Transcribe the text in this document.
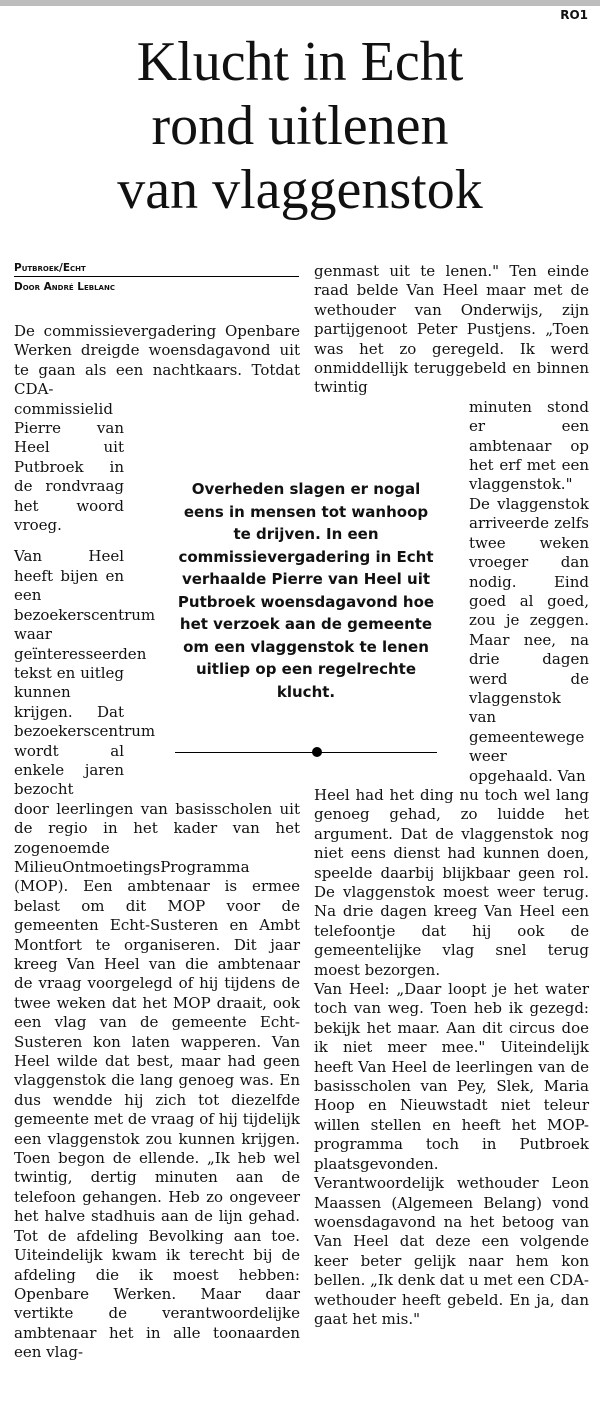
RO1
Klucht in Echt
rond uitlenen
van vlaggenstok
Putbroek/Echt
Door André Leblanc

De commissievergadering Openbare Werken dreigde woensdagavond uit te gaan als een nachtkaars. Totdat CDA-

commissielid Pierre van Heel uit Putbroek in de rondvraag het woord vroeg.

Van Heel heeft bijen en een bezoekerscentrum waar geïnteresseerden tekst en uitleg kunnen krijgen. Dat bezoekerscentrum wordt al enkele jaren bezocht

door leerlingen van basisscholen uit de regio in het kader van het zogenoemde MilieuOntmoetingsProgramma (MOP). Een ambtenaar is ermee belast om dit MOP voor de gemeenten Echt-Susteren en Ambt Montfort te organiseren. Dit jaar kreeg Van Heel van die ambtenaar de vraag voorgelegd of hij tijdens de twee weken dat het MOP draait, ook een vlag van de gemeente Echt-Susteren kon laten wapperen. Van Heel wilde dat best, maar had geen vlaggenstok die lang genoeg was. En dus wendde hij zich tot diezelfde gemeente met de vraag of hij tijdelijk een vlaggenstok zou kunnen krijgen. Toen begon de ellende. „Ik heb wel twintig, dertig minuten aan de telefoon gehangen. Heb zo ongeveer het halve stadhuis aan de lijn gehad. Tot de afdeling Bevolking aan toe. Uiteindelijk kwam ik terecht bij de afdeling die ik moest hebben: Openbare Werken. Maar daar vertikte de verantwoordelijke ambtenaar het in alle toonaarden een vlag-

genmast uit te lenen." Ten einde raad belde Van Heel maar met de wethouder van Onderwijs, zijn partijgenoot Peter Pustjens. „Toen was het zo geregeld. Ik werd onmiddellijk teruggebeld en binnen twintig

minuten stond er een ambtenaar op het erf met een vlaggenstok." De vlaggenstok arriveerde zelfs twee weken vroeger dan nodig. Eind goed al goed, zou je zeggen. Maar nee, na drie dagen werd de vlaggenstok van gemeentewege weer opgehaald. Van

Heel had het ding nu toch wel lang genoeg gehad, zo luidde het argument. Dat de vlaggenstok nog niet eens dienst had kunnen doen, speelde daarbij blijkbaar geen rol. De vlaggenstok moest weer terug. Na drie dagen kreeg Van Heel een telefoontje dat hij ook de gemeentelijke vlag snel terug moest bezorgen.

Van Heel: „Daar loopt je het water toch van weg. Toen heb ik gezegd: bekijk het maar. Aan dit circus doe ik niet meer mee." Uiteindelijk heeft Van Heel de leerlingen van de basisscholen van Pey, Slek, Maria Hoop en Nieuwstadt niet teleur willen stellen en heeft het MOP-programma toch in Putbroek plaatsgevonden.

Verantwoordelijk wethouder Leon Maassen (Algemeen Belang) vond woensdagavond na het betoog van Van Heel dat deze een volgende keer beter gelijk naar hem kon bellen. „Ik denk dat u met een CDA-wethouder heeft gebeld. En ja, dan gaat het mis."

Overheden slagen er nogal eens in mensen tot wanhoop te drijven. In een commissievergadering in Echt verhaalde Pierre van Heel uit Putbroek woensdagavond hoe het verzoek aan de gemeente om een vlaggenstok te lenen uitliep op een regelrechte klucht.
